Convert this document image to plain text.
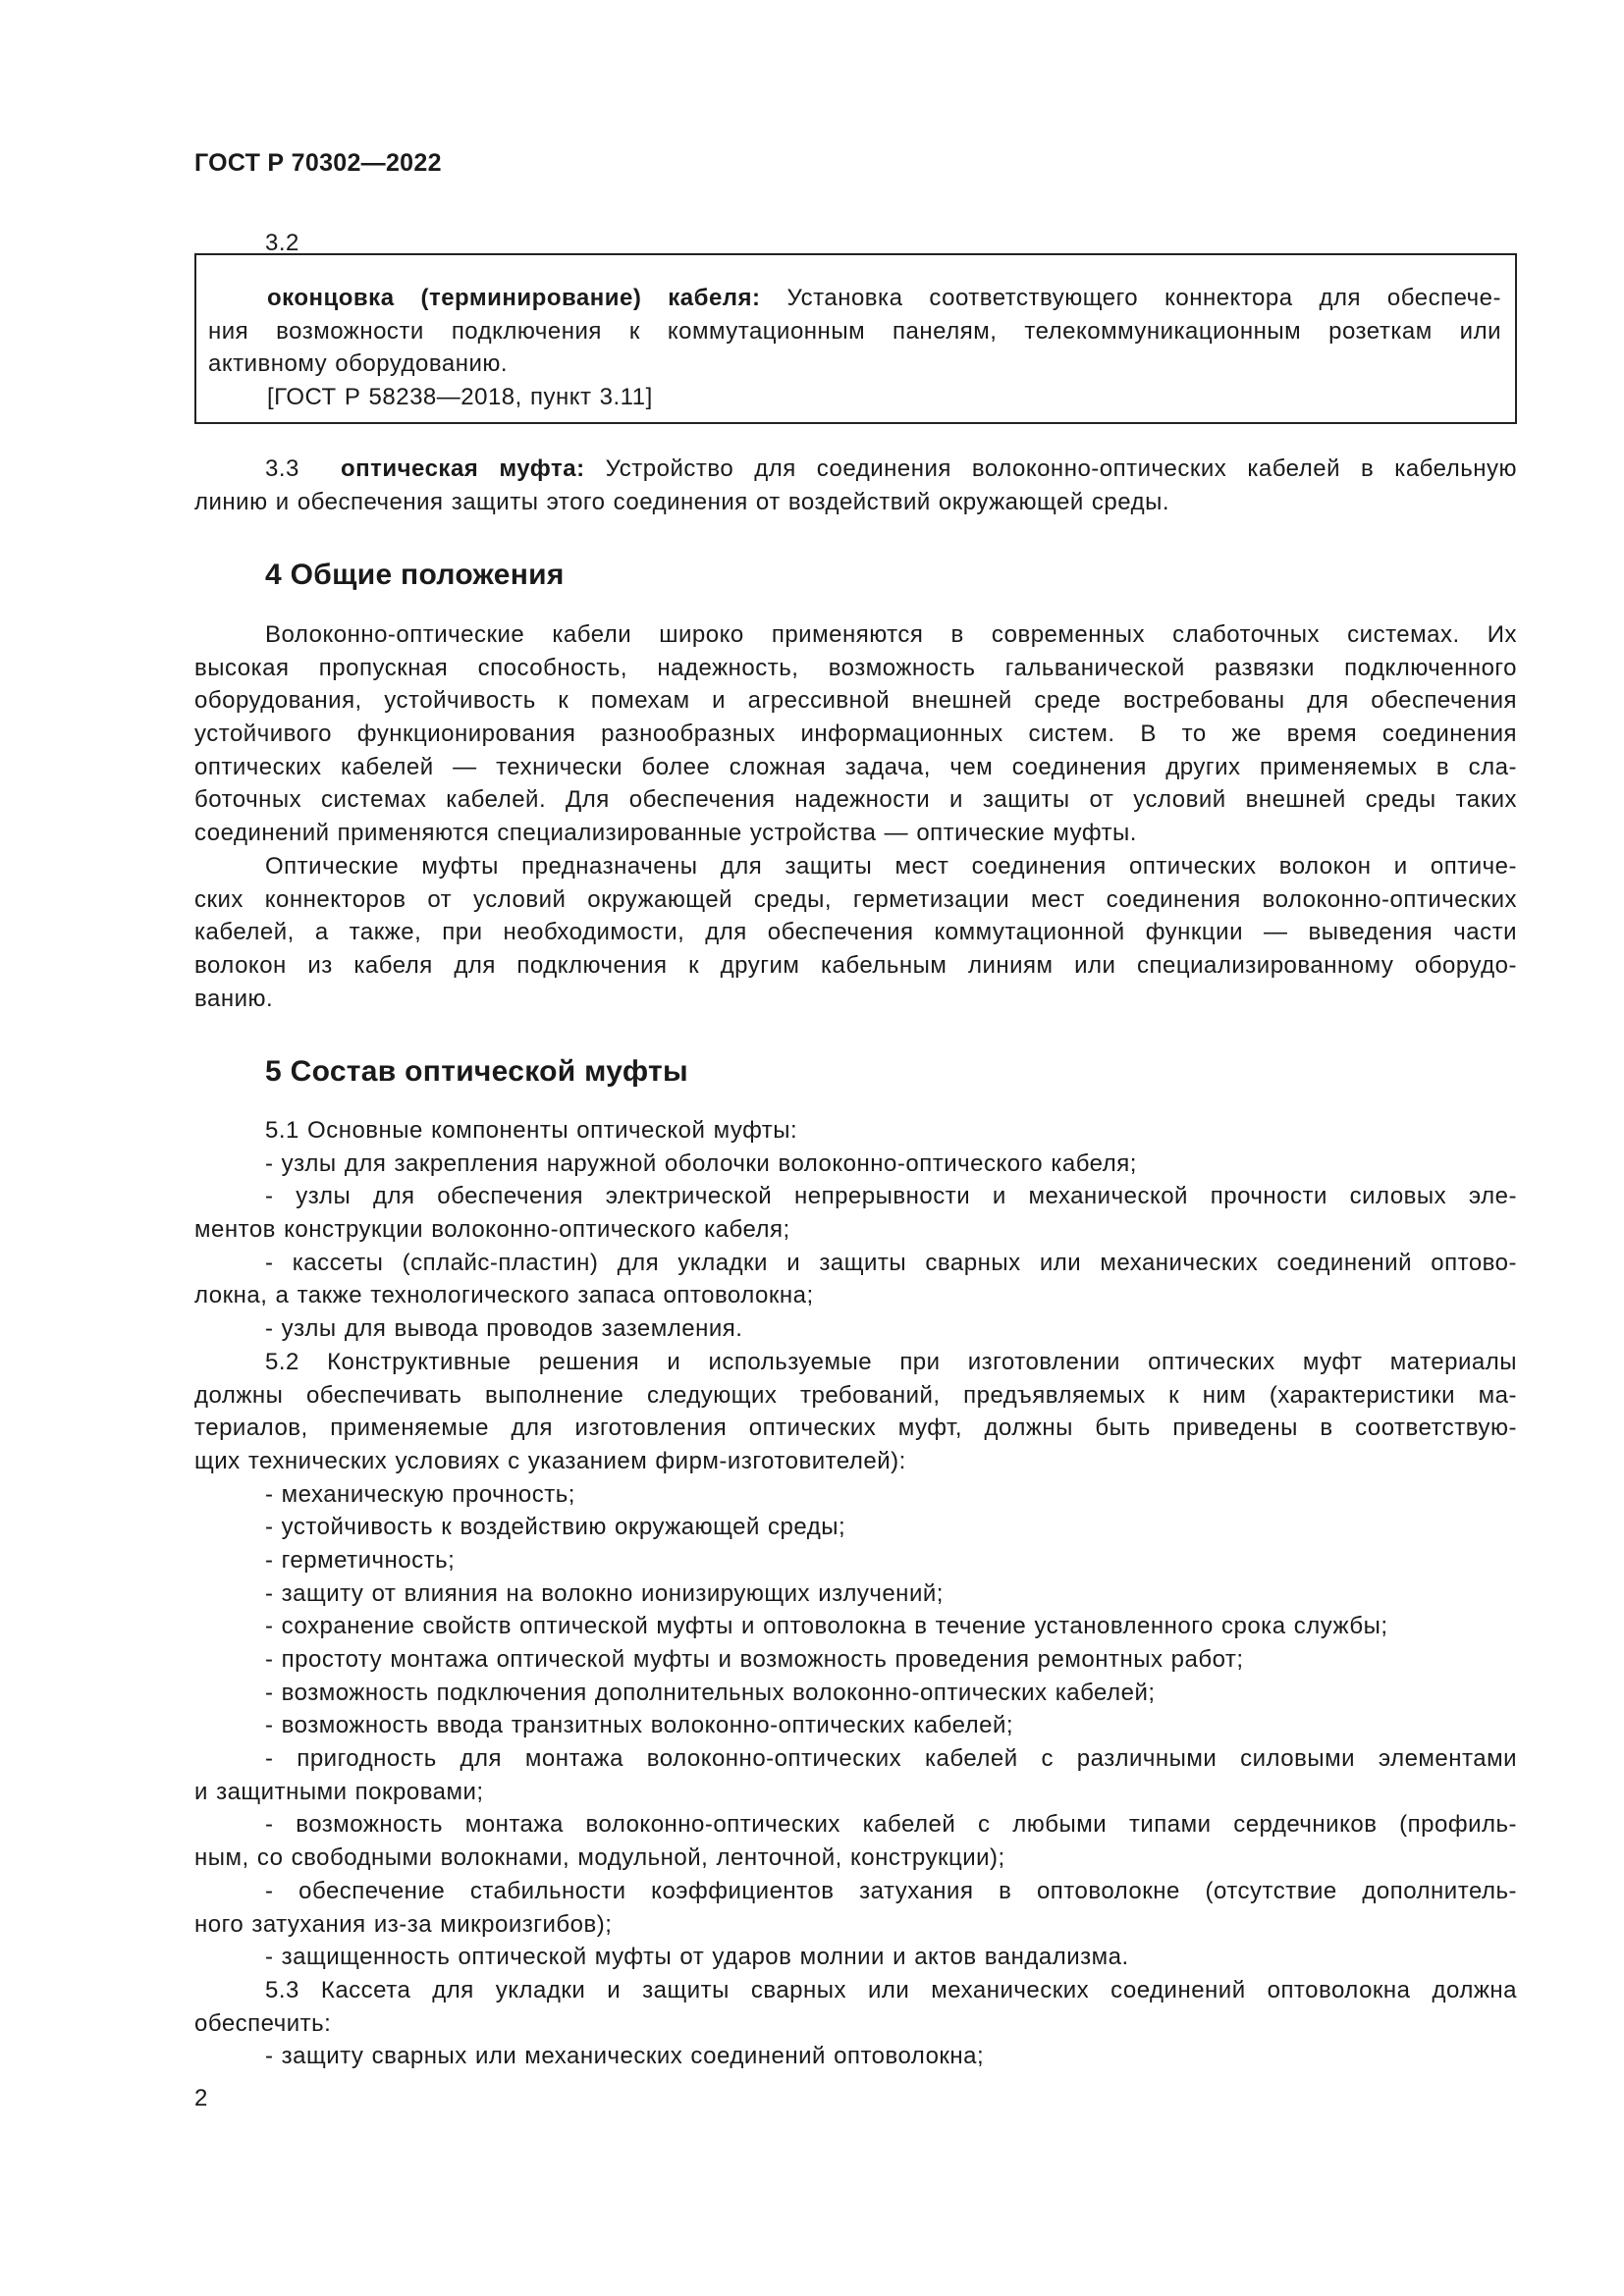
ГОСТ Р 70302—2022
3.2
оконцовка (терминирование) кабеля: Установка соответствующего коннектора для обеспече-
ния возможности подключения к коммутационным панелям, телекоммуникационным розеткам или
активному оборудованию.
[ГОСТ Р 58238—2018, пункт 3.11]
3.3 оптическая муфта: Устройство для соединения волоконно-оптических кабелей в кабельную
линию и обеспечения защиты этого соединения от воздействий окружающей среды.
4 Общие положения
Волоконно-оптические кабели широко применяются в современных слаботочных системах. Их
высокая пропускная способность, надежность, возможность гальванической развязки подключенного
оборудования, устойчивость к помехам и агрессивной внешней среде востребованы для обеспечения
устойчивого функционирования разнообразных информационных систем. В то же время соединения
оптических кабелей — технически более сложная задача, чем соединения других применяемых в сла-
боточных системах кабелей. Для обеспечения надежности и защиты от условий внешней среды таких
соединений применяются специализированные устройства — оптические муфты.
Оптические муфты предназначены для защиты мест соединения оптических волокон и оптиче-
ских коннекторов от условий окружающей среды, герметизации мест соединения волоконно-оптических
кабелей, а также, при необходимости, для обеспечения коммутационной функции — выведения части
волокон из кабеля для подключения к другим кабельным линиям или специализированному оборудо-
ванию.
5 Состав оптической муфты
5.1 Основные компоненты оптической муфты:
- узлы для закрепления наружной оболочки волоконно-оптического кабеля;
- узлы для обеспечения электрической непрерывности и механической прочности силовых эле-
ментов конструкции волоконно-оптического кабеля;
- кассеты (сплайс-пластин) для укладки и защиты сварных или механических соединений оптово-
локна, а также технологического запаса оптоволокна;
- узлы для вывода проводов заземления.
5.2 Конструктивные решения и используемые при изготовлении оптических муфт материалы
должны обеспечивать выполнение следующих требований, предъявляемых к ним (характеристики ма-
териалов, применяемые для изготовления оптических муфт, должны быть приведены в соответствую-
щих технических условиях с указанием фирм-изготовителей):
- механическую прочность;
- устойчивость к воздействию окружающей среды;
- герметичность;
- защиту от влияния на волокно ионизирующих излучений;
- сохранение свойств оптической муфты и оптоволокна в течение установленного срока службы;
- простоту монтажа оптической муфты и возможность проведения ремонтных работ;
- возможность подключения дополнительных волоконно-оптических кабелей;
- возможность ввода транзитных волоконно-оптических кабелей;
- пригодность для монтажа волоконно-оптических кабелей с различными силовыми элементами
и защитными покровами;
- возможность монтажа волоконно-оптических кабелей с любыми типами сердечников (профиль-
ным, со свободными волокнами, модульной, ленточной, конструкции);
- обеспечение стабильности коэффициентов затухания в оптоволокне (отсутствие дополнитель-
ного затухания из-за микроизгибов);
- защищенность оптической муфты от ударов молнии и актов вандализма.
5.3 Кассета для укладки и защиты сварных или механических соединений оптоволокна должна
обеспечить:
- защиту сварных или механических соединений оптоволокна;
2
